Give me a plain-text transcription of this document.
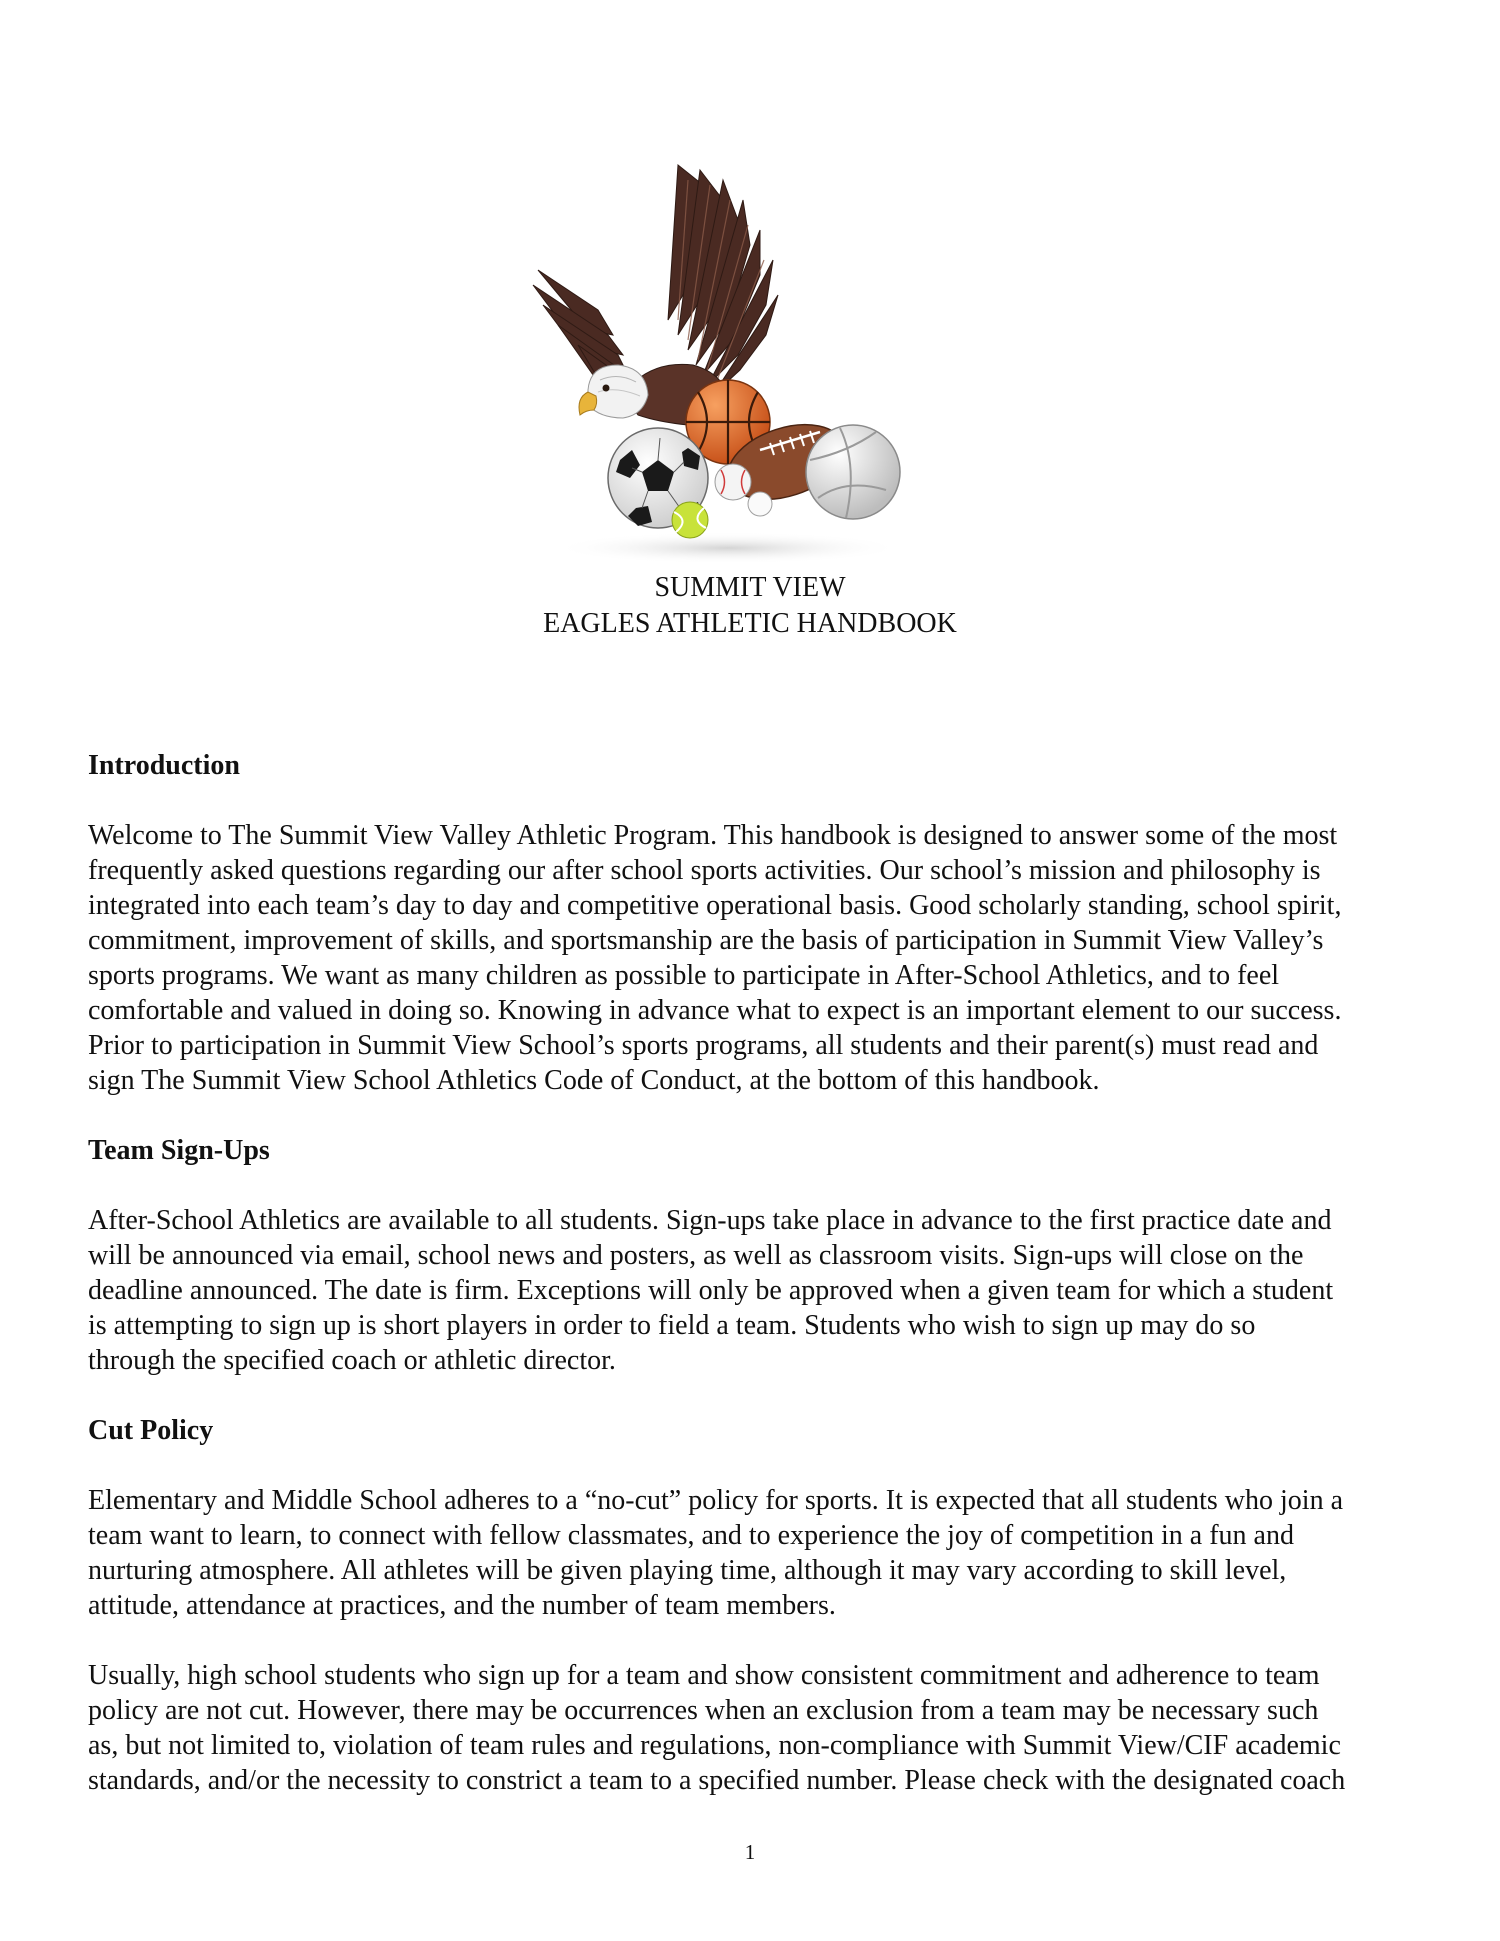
SUMMIT VIEW
EAGLES ATHLETIC HANDBOOK
Introduction
Welcome to The Summit View Valley Athletic Program. This handbook is designed to answer some of the most
frequently asked questions regarding our after school sports activities. Our school’s mission and philosophy is
integrated into each team’s day to day and competitive operational basis. Good scholarly standing, school spirit,
commitment, improvement of skills, and sportsmanship are the basis of participation in Summit View Valley’s
sports programs. We want as many children as possible to participate in After-School Athletics, and to feel
comfortable and valued in doing so. Knowing in advance what to expect is an important element to our success.
Prior to participation in Summit View School’s sports programs, all students and their parent(s) must read and
sign The Summit View School Athletics Code of Conduct, at the bottom of this handbook.
Team Sign-Ups
After-School Athletics are available to all students. Sign-ups take place in advance to the first practice date and
will be announced via email, school news and posters, as well as classroom visits. Sign-ups will close on the
deadline announced. The date is firm. Exceptions will only be approved when a given team for which a student
is attempting to sign up is short players in order to field a team. Students who wish to sign up may do so
through the specified coach or athletic director.
Cut Policy
Elementary and Middle School adheres to a “no-cut” policy for sports. It is expected that all students who join a
team want to learn, to connect with fellow classmates, and to experience the joy of competition in a fun and
nurturing atmosphere. All athletes will be given playing time, although it may vary according to skill level,
attitude, attendance at practices, and the number of team members.
Usually, high school students who sign up for a team and show consistent commitment and adherence to team
policy are not cut. However, there may be occurrences when an exclusion from a team may be necessary such
as, but not limited to, violation of team rules and regulations, non-compliance with Summit View/CIF academic
standards, and/or the necessity to constrict a team to a specified number. Please check with the designated coach
1
